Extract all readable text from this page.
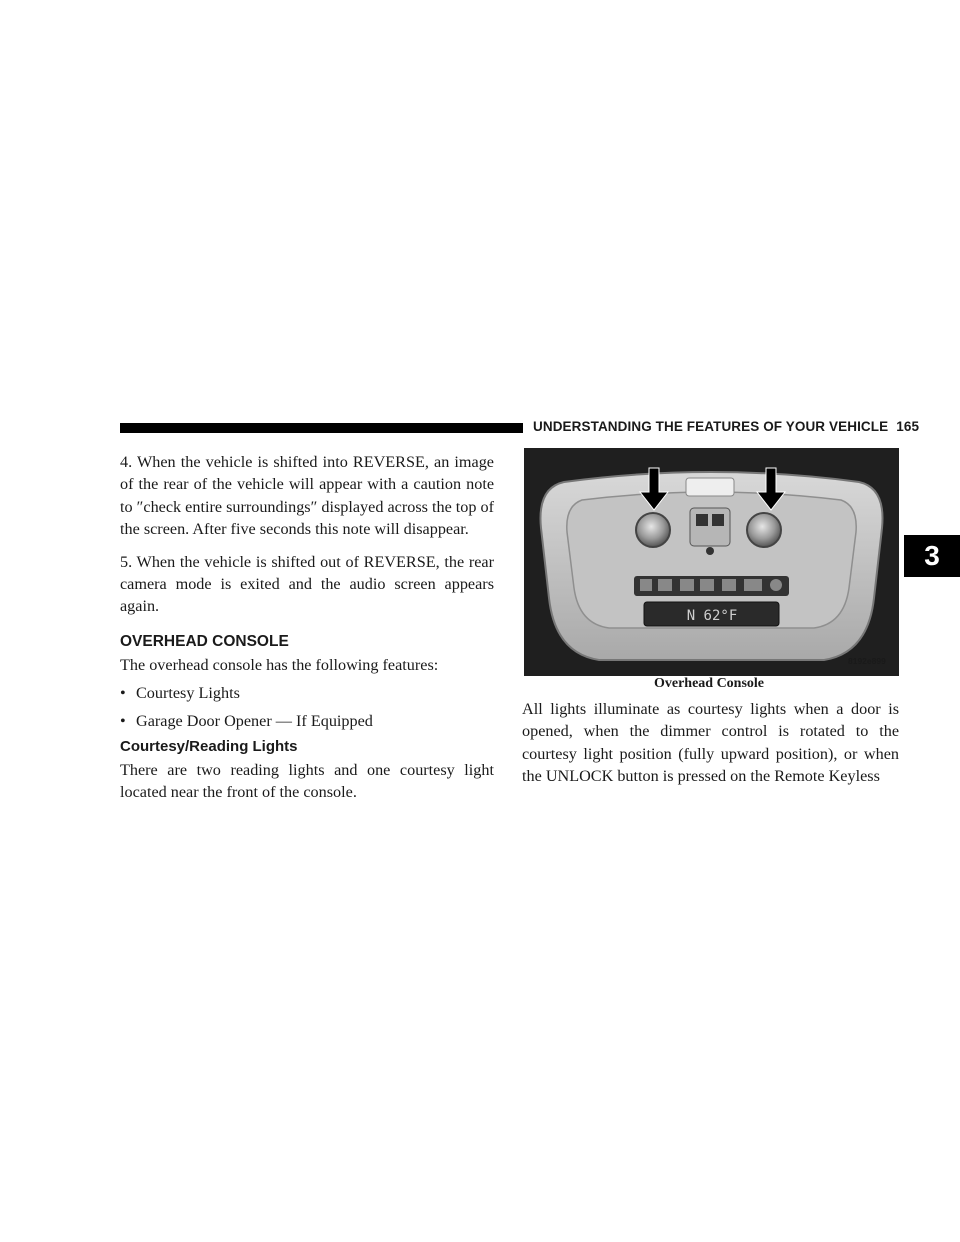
UNDERSTANDING THE FEATURES OF YOUR VEHICLE 165
3

4. When the vehicle is shifted into REVERSE, an image of the rear of the vehicle will appear with a caution note to ″check entire surroundings″ displayed across the top of the screen. After five seconds this note will disappear.

5. When the vehicle is shifted out of REVERSE, the rear camera mode is exited and the audio screen appears again.

OVERHEAD CONSOLE

The overhead console has the following features:

• Courtesy Lights
• Garage Door Opener — If Equipped
Courtesy/Reading Lights

There are two reading lights and one courtesy light located near the front of the console.

N 62°F
8192e899
Overhead Console

All lights illuminate as courtesy lights when a door is opened, when the dimmer control is rotated to the courtesy light position (fully upward position), or when the UNLOCK button is pressed on the Remote Keyless
